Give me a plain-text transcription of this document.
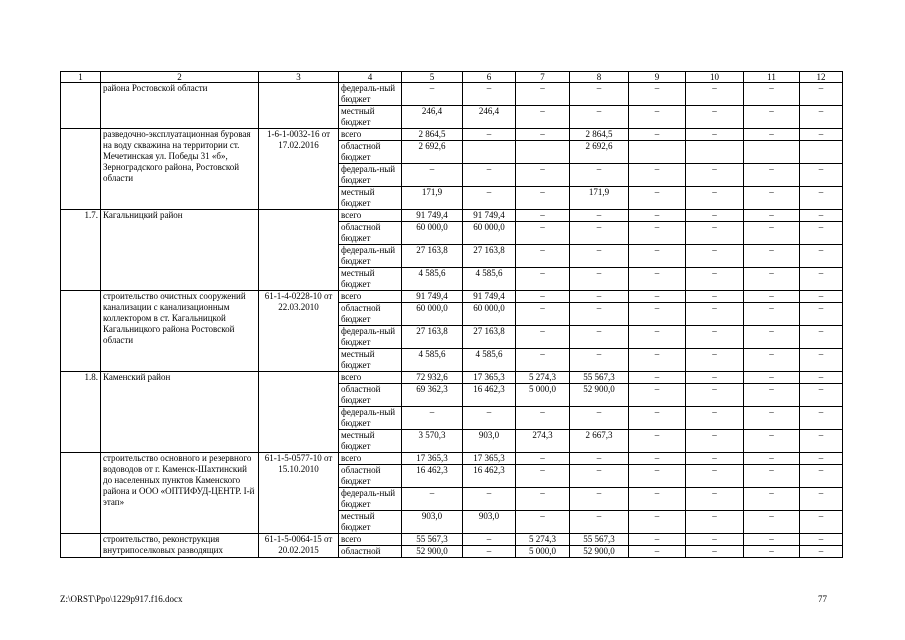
1	2	3	4	5	6	7	8	9	10	11	12
	района Ростовской области		федераль-ный бюджет	–	–	–	–	–	–	–	–
			местный бюджет	246,4	246,4	–	–	–	–	–	–
	разведочно-эксплуатационная буровая на воду скважина на территории ст. Мечетинская ул. Победы 31 «б», Зерноградского района, Ростовской области	1-6-1-0032-16 от 17.02.2016	всего	2 864,5	–	–	2 864,5	–	–	–	–
			областной бюджет	2 692,6			2 692,6				
			федераль-ный бюджет	–	–	–	–	–	–	–	–
			местный бюджет	171,9	–	–	171,9	–	–	–	–
1.7.	Кагальницкий район		всего	91 749,4	91 749,4	–	–	–	–	–	–
			областной бюджет	60 000,0	60 000,0	–	–	–	–	–	–
			федераль-ный бюджет	27 163,8	27 163,8	–	–	–	–	–	–
			местный бюджет	4 585,6	4 585,6	–	–	–	–	–	–
	строительство очистных сооружений канализации с канализационным коллектором в ст. Кагальницкой Кагальницкого района Ростовской области	61-1-4-0228-10 от 22.03.2010	всего	91 749,4	91 749,4	–	–	–	–	–	–
			областной бюджет	60 000,0	60 000,0	–	–	–	–	–	–
			федераль-ный бюджет	27 163,8	27 163,8	–	–	–	–	–	–
			местный бюджет	4 585,6	4 585,6	–	–	–	–	–	–
1.8.	Каменский район		всего	72 932,6	17 365,3	5 274,3	55 567,3	–	–	–	–
			областной бюджет	69 362,3	16 462,3	5 000,0	52 900,0	–	–	–	–
			федераль-ный бюджет	–	–	–	–	–	–	–	–
			местный бюджет	3 570,3	903,0	274,3	2 667,3	–	–	–	–
	строительство основного и резервного водоводов от г. Каменск-Шахтинский до населенных пунктов Каменского района и ООО «ОПТИФУД-ЦЕНТР. I-й этап»	61-1-5-0577-10 от 15.10.2010	всего	17 365,3	17 365,3	–	–	–	–	–	–
			областной бюджет	16 462,3	16 462,3	–	–	–	–	–	–
			федераль-ный бюджет	–	–	–	–	–	–	–	–
			местный бюджет	903,0	903,0	–	–	–	–	–	–
	строительство, реконструкция внутрипоселковых разводящих	61-1-5-0064-15 от 20.02.2015	всего	55 567,3	–	5 274,3	55 567,3	–	–	–	–
			областной	52 900,0	–	5 000,0	52 900,0	–	–	–	–
Z:\ORST\Ppo\1229p917.f16.docx	77
